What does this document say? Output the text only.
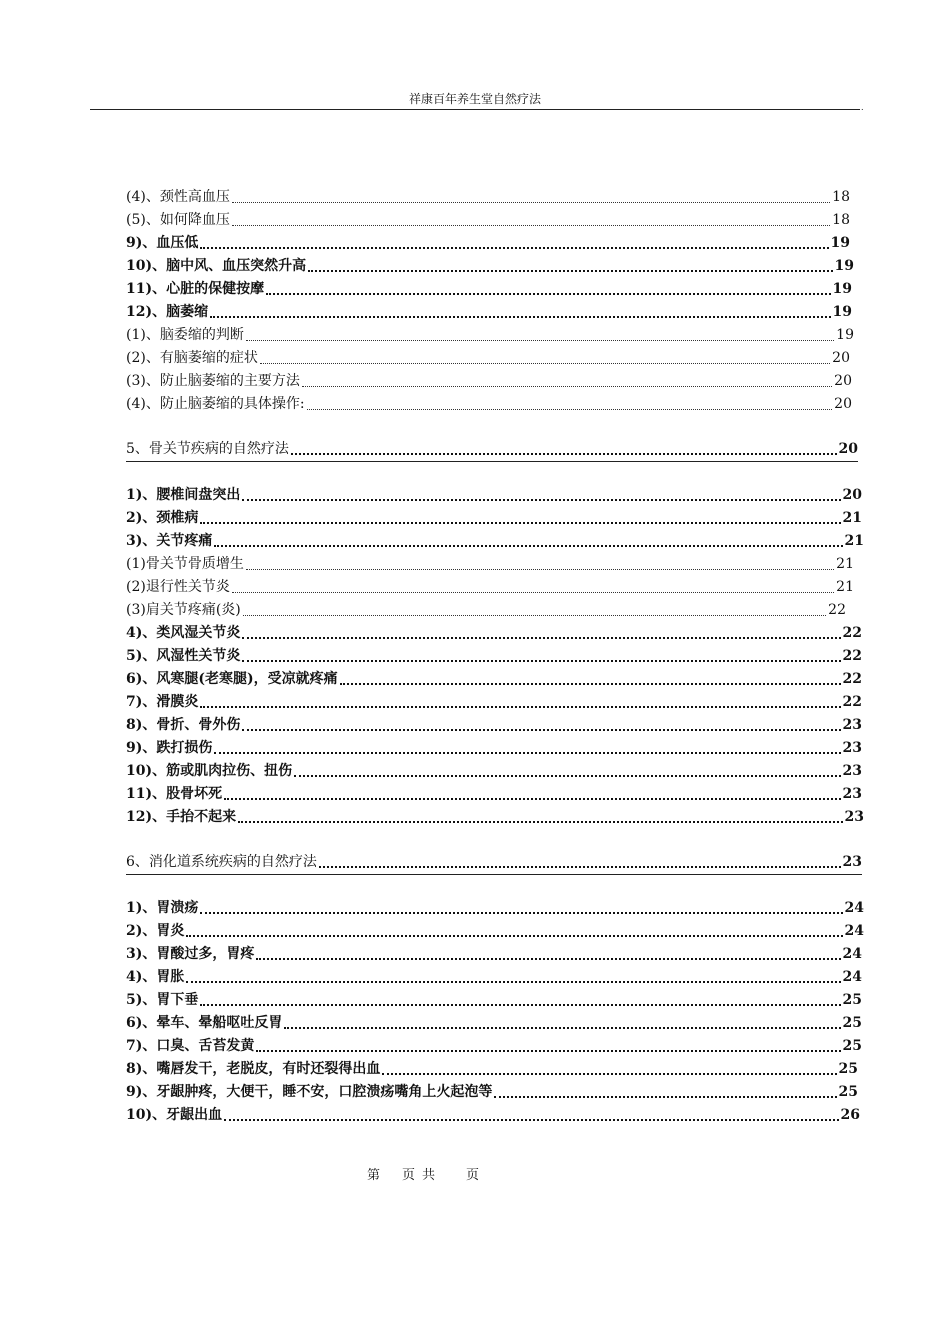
祥康百年养生堂自然疗法
.
(4)、颈性高血压	18
(5)、如何降血压	18
9)、血压低	19
10)、脑中风、血压突然升高	19
11)、心脏的保健按摩	19
12)、脑萎缩	19
(1)、脑委缩的判断	19
(2)、有脑萎缩的症状	20
(3)、防止脑萎缩的主要方法	20
(4)、防止脑萎缩的具体操作:	20
5、骨关节疾病的自然疗法	20
1)、腰椎间盘突出	20
2)、颈椎病	21
3)、关节疼痛	21
(1)骨关节骨质增生	21
(2)退行性关节炎	21
(3)肩关节疼痛(炎)	22
4)、类风湿关节炎	22
5)、风湿性关节炎	22
6)、风寒腿(老寒腿)，受凉就疼痛	22
7)、滑膜炎	22
8)、骨折、骨外伤	23
9)、跌打损伤	23
10)、筋或肌肉拉伤、扭伤	23
11)、股骨坏死	23
12)、手抬不起来	23
6、消化道系统疾病的自然疗法	23
1)、胃溃疡	24
2)、胃炎	24
3)、胃酸过多，胃疼	24
4)、胃胀	24
5)、胃下垂	25
6)、晕车、晕船呕吐反胃	25
7)、口臭、舌苔发黄	25
8)、嘴唇发干，老脱皮，有时还裂得出血	25
9)、牙龈肿疼，大便干，睡不安，口腔溃疡嘴角上火起泡等	25
10)、牙龈出血	26
第 页 共 页
